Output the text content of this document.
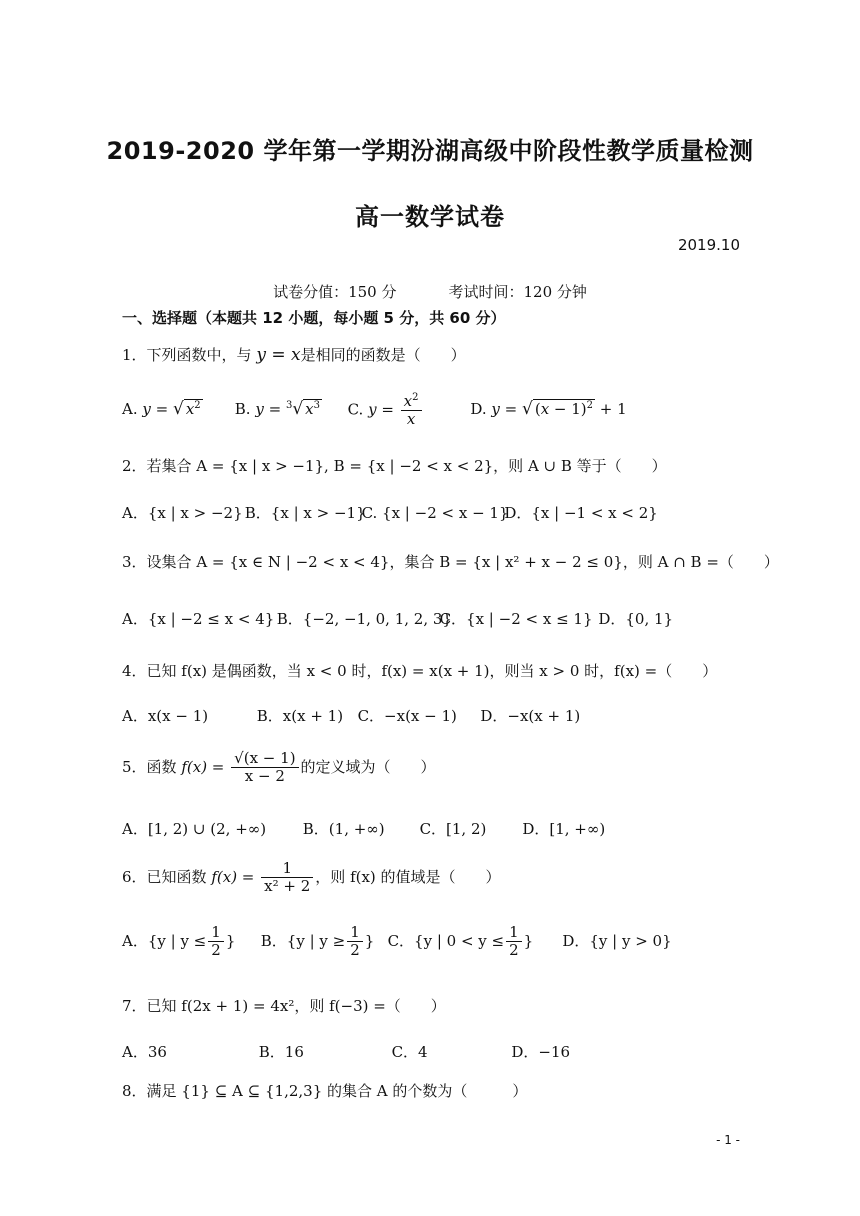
2019-2020 学年第一学期汾湖高级中阶段性教学质量检测
高一数学试卷
2019.10
试卷分值：150 分	考试时间：120 分钟
一、选择题（本题共 12 小题，每小题 5 分，共 60 分）
1．下列函数中，与 y = x是相同的函数是（　　）
A. y = √ $x^2$ B. y = $^3$√ $x^3$ C. $y = \frac{x^2}{x}$	D. y = √ $(x - 1)^2 + 1$
2．若集合 A = {x | x > −1}, B = {x | −2 < x < 2}，则 A ∪ B 等于（　　）
A．{x | x > −2} B．{x | x > −1} C. {x | −2 < x − 1} D．{x | −1 < x < 2}
3．设集合 A = {x ∈ N | −2 < x < 4}，集合 B = {x | x² + x − 2 ≤ 0}，则 A ∩ B =（　　）
A．{x | −2 ≤ x < 4} B．{−2, −1, 0, 1, 2, 3} C．{x | −2 < x ≤ 1} D．{0, 1}
4．已知 f(x) 是偶函数，当 x < 0 时，f(x) = x(x + 1)，则当 x > 0 时，f(x) =（　　）
A．x(x − 1)	B．x(x + 1) C．−x(x − 1) D．−x(x + 1)
5．函数 $f(x) = \frac{√(x - 1)}{x - 2}$ 的定义域为（　　）
A．[1, 2) ∪ (2, +∞) B．(1, +∞) C．[1, 2) D．[1, +∞)
6．已知函数 $f(x) = \frac{1}{\text{x² + 2}}$ ，则 f(x) 的值域是（　　）
A．{y | $y \le \frac{1}{2}$ } B．{y | $y \ge \frac{1}{2}$ } C．{y | $0 < y \le \frac{1}{2}$ } D．{y | y > 0}
7．已知 f(2x + 1) = 4x²，则 f(−3) =（　　）
A．36	B．16	C．4	D．−16
8．满足 {1} ⊆ A ⊆ {1,2,3} 的集合 A 的个数为（　　　）
- 1 -
